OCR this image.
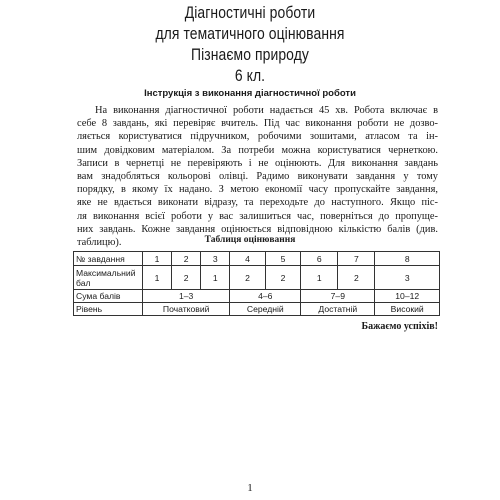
Діагностичні роботи
для тематичного оцінювання
Пізнаємо природу
6 кл.
Інструкція з виконання діагностичної роботи
На виконання діагностичної роботи надається 45 хв. Робота включає в
себе 8 завдань, які перевіряє вчитель. Під час виконання роботи не дозво-
ляється користуватися підручником, робочими зошитами, атласом та ін-
шим довідковим матеріалом. За потреби можна користуватися чернеткою.
Записи в чернетці не перевіряють і не оцінюють. Для виконання завдань
вам знадобляться кольорові олівці. Радимо виконувати завдання у тому
порядку, в якому їх надано. З метою економії часу пропускайте завдання,
яке не вдається виконати відразу, та переходьте до наступного. Якщо піс-
ля виконання всієї роботи у вас залишиться час, поверніться до пропуще-
них завдань. Кожне завдання оцінюється відповідною кількістю балів (див.
таблицю).	Таблиця оцінювання
№ завдання	1	2	3	4	5	6	7	8
Максимальний бал	1	2	1	2	2	1	2	3
Сума балів	1–3			4–6		7–9		10–12
Рівень	Початковий			Середній		Достатній		Високий
Бажаємо успіхів!
1
